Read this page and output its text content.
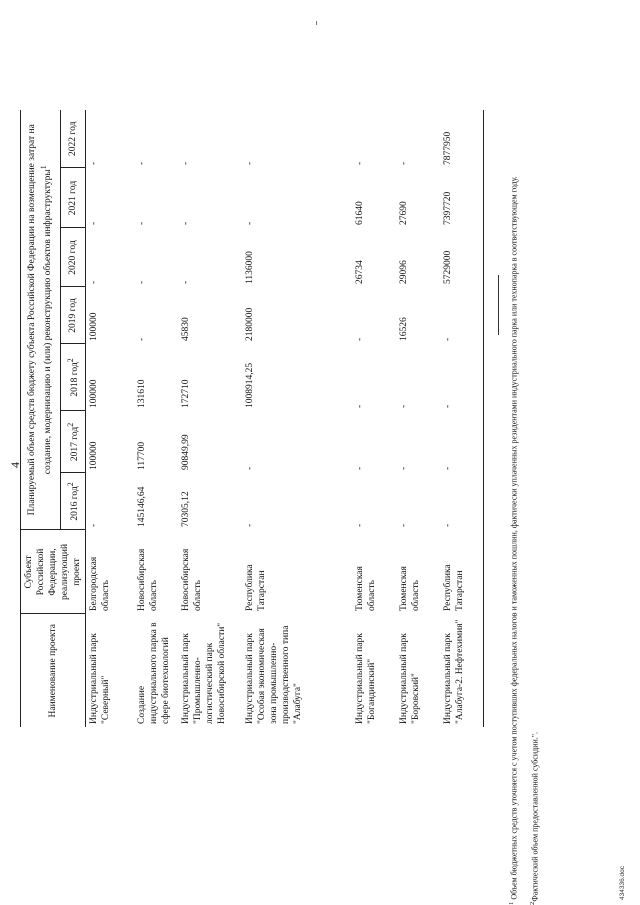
4
Наименование проекта	Субъект Российской Федерации, реализующий проект	Планируемый объем средств бюджету субъекта Российской Федерации на возмещение затрат на создание, модернизацию и (или) реконструкцию объектов инфраструктуры$^1$
		2016 год$^2$	2017 год$^2$	2018 год$^2$	2019 год	2020 год	2021 год	2022 год
Индустриальный парк "Северный"	Белгородская область	-	100000	100000	100000	-	-	-
Создание индустриального парка в сфере биотехнологий	Новосибирская область	145146,64	117700	131610	-	-	-	-
Индустриальный парк "Промышленно-логистический парк Новосибирской области"	Новосибирская область	70305,12	90849,99	172710	45830	-	-	-
Индустриальный парк "Особая экономическая зона промышленно-производственного типа "Алабуга"	Республика Татарстан	-	-	1008914,25	2180000	1136000	-	-
Индустриальный парк "Богандинский"	Тюменская область	-	-	-	-	26734	61640	-
Индустриальный парк "Боровский"	Тюменская область	-	-	-	16526	29096	27690	-
Индустриальный парк "Алабуга-2. Нефтехимия"	Республика Татарстан	-	-	-	-	5729000	7397720	7877950
$^1$ Объем бюджетных средств уточняется с учетом поступивших федеральных налогов и таможенных пошлин, фактически уплаченных резидентами индустриального парка или технопарка в соответствующем году.
$^2$Фактический объем предоставленной субсидии.".	434336.doc
